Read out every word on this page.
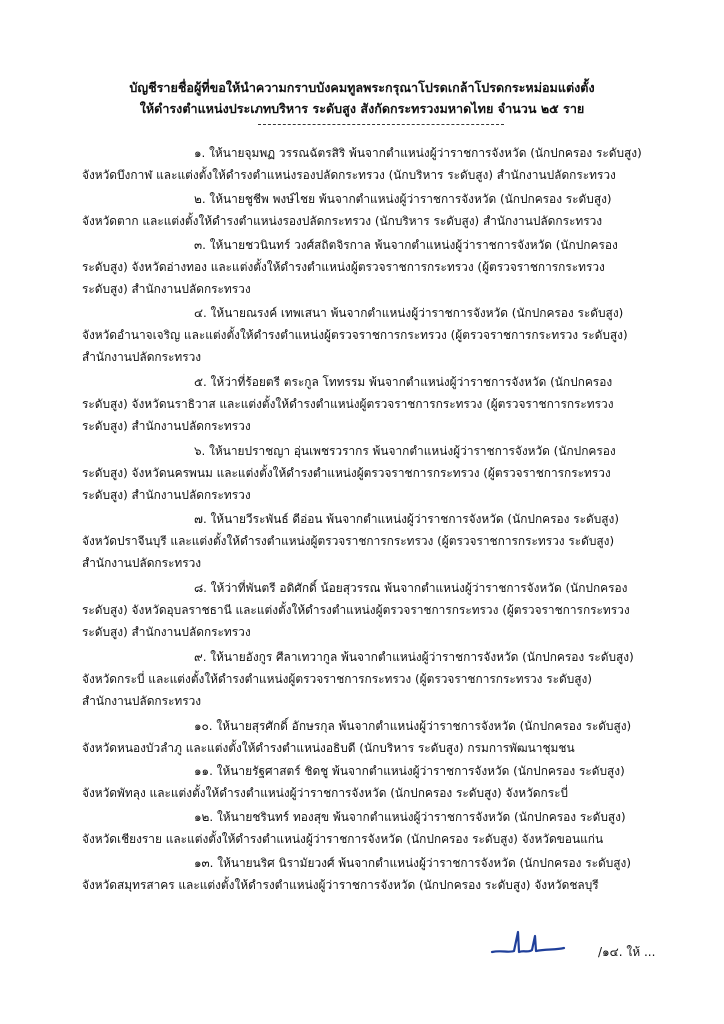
บัญชีรายชื่อผู้ที่ขอให้นำความกราบบังคมทูลพระกรุณาโปรดเกล้าโปรดกระหม่อมแต่งตั้ง
ให้ดำรงตำแหน่งประเภทบริหาร ระดับสูง สังกัดกระทรวงมหาดไทย จำนวน ๒๕ ราย
๑. ให้นายจุมพฏ วรรณฉัตรสิริ พ้นจากตำแหน่งผู้ว่าราชการจังหวัด (นักปกครอง ระดับสูง)
จังหวัดบึงกาฬ และแต่งตั้งให้ดำรงตำแหน่งรองปลัดกระทรวง (นักบริหาร ระดับสูง) สำนักงานปลัดกระทรวง
๒. ให้นายชูชีพ พงษ์ไชย พ้นจากตำแหน่งผู้ว่าราชการจังหวัด (นักปกครอง ระดับสูง)
จังหวัดตาก และแต่งตั้งให้ดำรงตำแหน่งรองปลัดกระทรวง (นักบริหาร ระดับสูง) สำนักงานปลัดกระทรวง
๓. ให้นายชวนินทร์ วงศ์สถิตจิรกาล พ้นจากตำแหน่งผู้ว่าราชการจังหวัด (นักปกครอง
ระดับสูง) จังหวัดอ่างทอง และแต่งตั้งให้ดำรงตำแหน่งผู้ตรวจราชการกระทรวง (ผู้ตรวจราชการกระทรวง
ระดับสูง) สำนักงานปลัดกระทรวง
๔. ให้นายณรงค์ เทพเสนา พ้นจากตำแหน่งผู้ว่าราชการจังหวัด (นักปกครอง ระดับสูง)
จังหวัดอำนาจเจริญ และแต่งตั้งให้ดำรงตำแหน่งผู้ตรวจราชการกระทรวง (ผู้ตรวจราชการกระทรวง ระดับสูง)
สำนักงานปลัดกระทรวง
๕. ให้ว่าที่ร้อยตรี ตระกูล โททรรม พ้นจากตำแหน่งผู้ว่าราชการจังหวัด (นักปกครอง
ระดับสูง) จังหวัดนราธิวาส และแต่งตั้งให้ดำรงตำแหน่งผู้ตรวจราชการกระทรวง (ผู้ตรวจราชการกระทรวง
ระดับสูง) สำนักงานปลัดกระทรวง
๖. ให้นายปราชญา อุ่นเพชรวรากร พ้นจากตำแหน่งผู้ว่าราชการจังหวัด (นักปกครอง
ระดับสูง) จังหวัดนครพนม และแต่งตั้งให้ดำรงตำแหน่งผู้ตรวจราชการกระทรวง (ผู้ตรวจราชการกระทรวง
ระดับสูง) สำนักงานปลัดกระทรวง
๗. ให้นายวีระพันธ์ ดีอ่อน พ้นจากตำแหน่งผู้ว่าราชการจังหวัด (นักปกครอง ระดับสูง)
จังหวัดปราจีนบุรี และแต่งตั้งให้ดำรงตำแหน่งผู้ตรวจราชการกระทรวง (ผู้ตรวจราชการกระทรวง ระดับสูง)
สำนักงานปลัดกระทรวง
๘. ให้ว่าที่พันตรี อดิศักดิ์ น้อยสุวรรณ พ้นจากตำแหน่งผู้ว่าราชการจังหวัด (นักปกครอง
ระดับสูง) จังหวัดอุบลราชธานี และแต่งตั้งให้ดำรงตำแหน่งผู้ตรวจราชการกระทรวง (ผู้ตรวจราชการกระทรวง
ระดับสูง) สำนักงานปลัดกระทรวง
๙. ให้นายอังกูร ศีลาเทวากูล พ้นจากตำแหน่งผู้ว่าราชการจังหวัด (นักปกครอง ระดับสูง)
จังหวัดกระบี่ และแต่งตั้งให้ดำรงตำแหน่งผู้ตรวจราชการกระทรวง (ผู้ตรวจราชการกระทรวง ระดับสูง)
สำนักงานปลัดกระทรวง
๑๐. ให้นายสุรศักดิ์ อักษรกุล พ้นจากตำแหน่งผู้ว่าราชการจังหวัด (นักปกครอง ระดับสูง)
จังหวัดหนองบัวลำภู และแต่งตั้งให้ดำรงตำแหน่งอธิบดี (นักบริหาร ระดับสูง) กรมการพัฒนาชุมชน
๑๑. ให้นายรัฐศาสตร์ ชิดชู พ้นจากตำแหน่งผู้ว่าราชการจังหวัด (นักปกครอง ระดับสูง)
จังหวัดพัทลุง และแต่งตั้งให้ดำรงตำแหน่งผู้ว่าราชการจังหวัด (นักปกครอง ระดับสูง) จังหวัดกระบี่
๑๒. ให้นายชรินทร์ ทองสุข พ้นจากตำแหน่งผู้ว่าราชการจังหวัด (นักปกครอง ระดับสูง)
จังหวัดเชียงราย และแต่งตั้งให้ดำรงตำแหน่งผู้ว่าราชการจังหวัด (นักปกครอง ระดับสูง) จังหวัดขอนแก่น
๑๓. ให้นายนริศ นิรามัยวงศ์ พ้นจากตำแหน่งผู้ว่าราชการจังหวัด (นักปกครอง ระดับสูง)
จังหวัดสมุทรสาคร และแต่งตั้งให้ดำรงตำแหน่งผู้ว่าราชการจังหวัด (นักปกครอง ระดับสูง) จังหวัดชลบุรี
/๑๔. ให้ ...
